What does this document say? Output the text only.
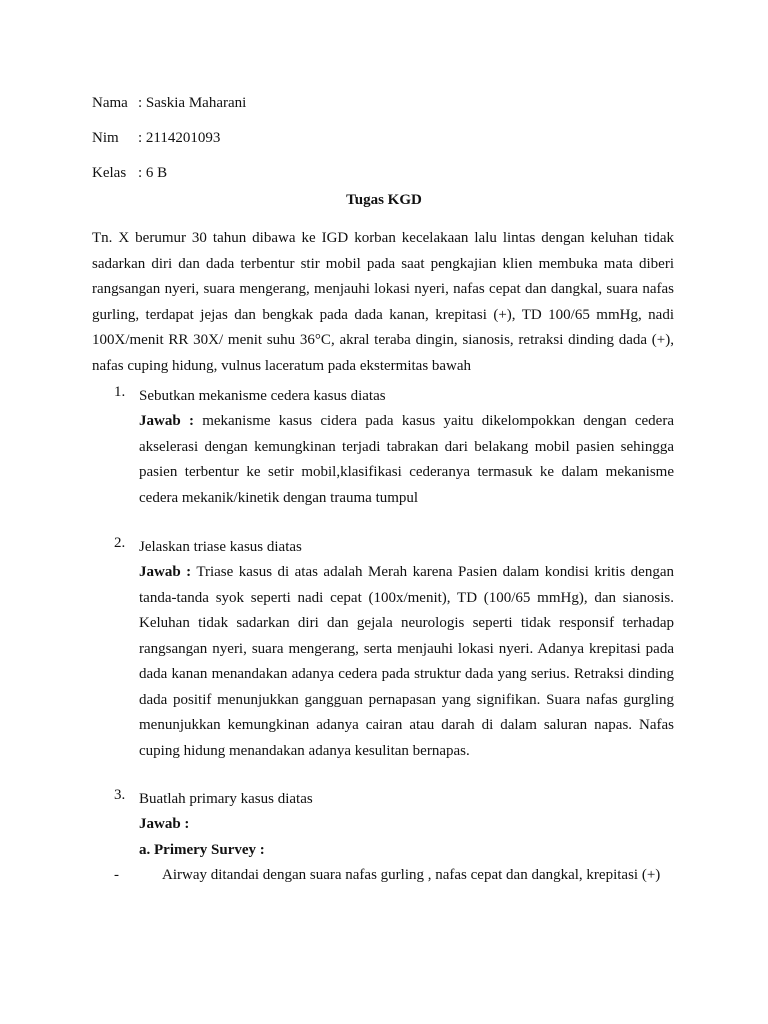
Nama : Saskia Maharani
Nim	: 2114201093
Kelas : 6 B
Tugas KGD
Tn. X berumur 30 tahun dibawa ke IGD korban kecelakaan lalu lintas dengan keluhan tidak sadarkan diri dan dada terbentur stir mobil pada saat pengkajian klien membuka mata diberi rangsangan nyeri, suara mengerang, menjauhi lokasi nyeri, nafas cepat dan dangkal, suara nafas gurling, terdapat jejas dan bengkak pada dada kanan, krepitasi (+), TD 100/65 mmHg, nadi 100X/menit RR 30X/ menit suhu 36°C, akral teraba dingin, sianosis, retraksi dinding dada (+), nafas cuping hidung, vulnus laceratum pada ekstermitas bawah
1. Sebutkan mekanisme cedera kasus diatas
Jawab : mekanisme kasus cidera pada kasus yaitu dikelompokkan dengan cedera akselerasi dengan kemungkinan terjadi tabrakan dari belakang mobil pasien sehingga pasien terbentur ke setir mobil,klasifikasi cederanya termasuk ke dalam mekanisme cedera mekanik/kinetik dengan trauma tumpul
2. Jelaskan triase kasus diatas
Jawab : Triase kasus di atas adalah Merah karena Pasien dalam kondisi kritis dengan tanda-tanda syok seperti nadi cepat (100x/menit), TD (100/65 mmHg), dan sianosis. Keluhan tidak sadarkan diri dan gejala neurologis seperti tidak responsif terhadap rangsangan nyeri, suara mengerang, serta menjauhi lokasi nyeri. Adanya krepitasi pada dada kanan menandakan adanya cedera pada struktur dada yang serius. Retraksi dinding dada positif menunjukkan gangguan pernapasan yang signifikan. Suara nafas gurgling menunjukkan kemungkinan adanya cairan atau darah di dalam saluran napas. Nafas cuping hidung menandakan adanya kesulitan bernapas.
3. Buatlah primary kasus diatas
Jawab :
a. Primery Survey :
-	Airway ditandai dengan suara nafas gurling , nafas cepat dan dangkal, krepitasi (+)
